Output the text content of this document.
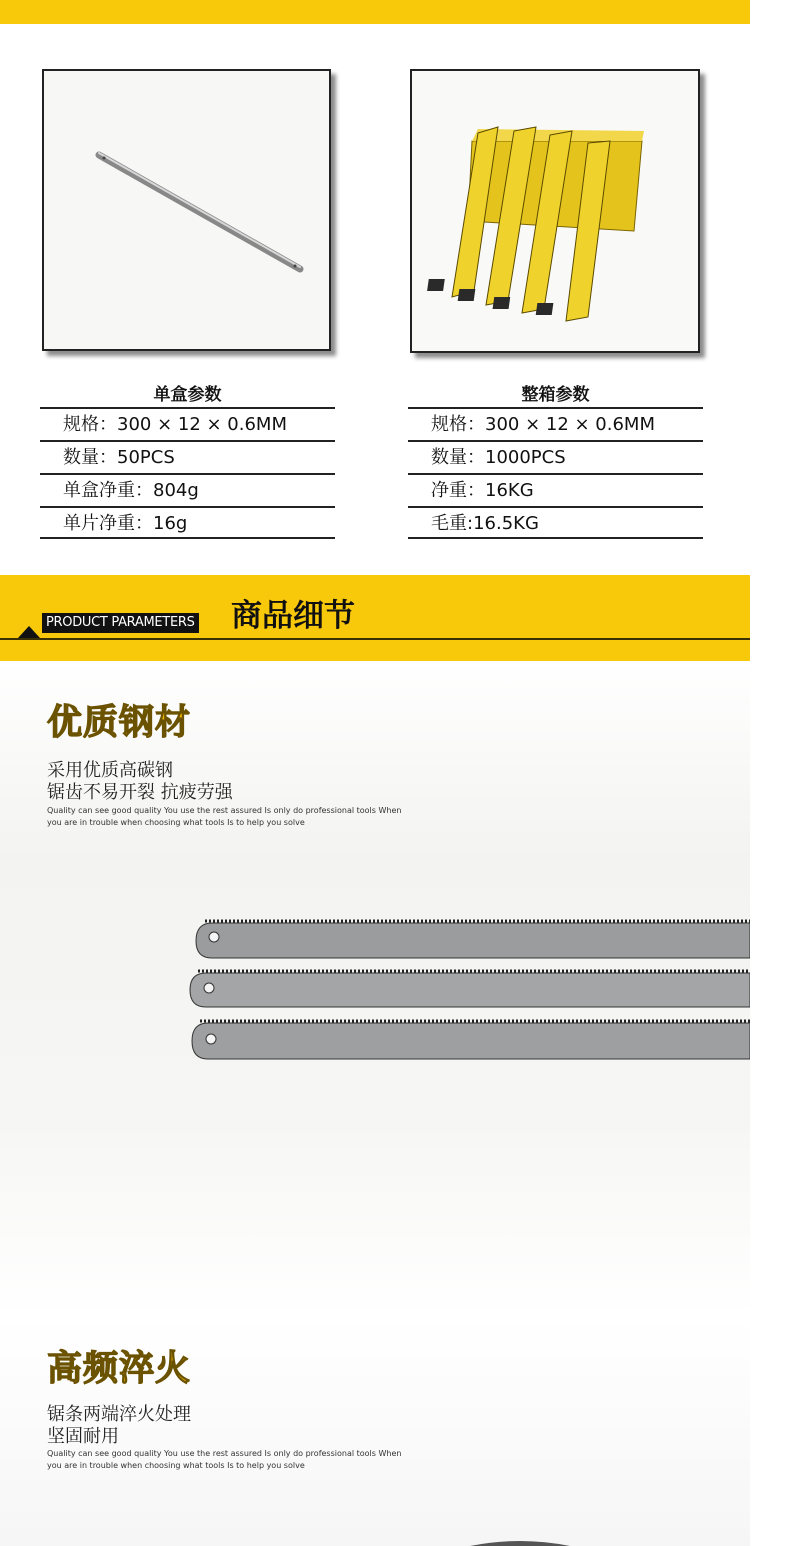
单盒参数
规格：300 × 12 × 0.6MM
数量：50PCS
单盒净重：804g
单片净重：16g
整箱参数
规格：300 × 12 × 0.6MM
数量：1000PCS
净重：16KG
毛重:16.5KG
PRODUCT PARAMETERS 商品细节
优质钢材
采用优质高碳钢
锯齿不易开裂 抗疲劳强
Quality can see good quality You use the rest assured Is only do professional tools When you are in trouble when choosing what tools Is to help you solve
高频淬火
锯条两端淬火处理
坚固耐用
Quality can see good quality You use the rest assured Is only do professional tools When you are in trouble when choosing what tools Is to help you solve
